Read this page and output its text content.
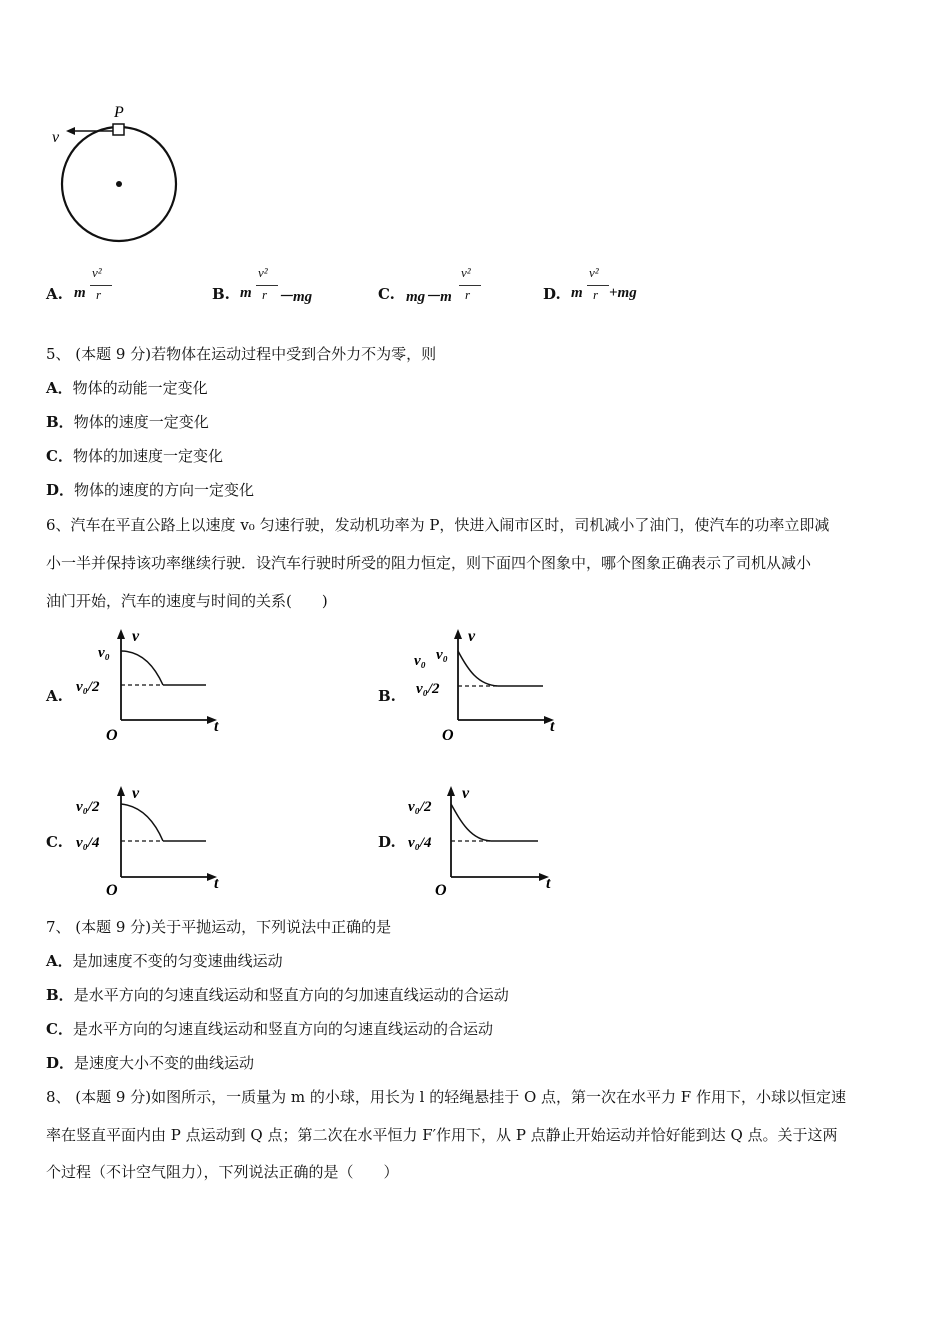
P
v
A. m
v²
r	B. m
v²
r －mg	C. mg－m
v²
r	D. m
v²
r +mg
5、 (本题 9 分)若物体在运动过程中受到合外力不为零，则
A．物体的动能一定变化
B．物体的速度一定变化
C．物体的加速度一定变化
D．物体的速度的方向一定变化
6、汽车在平直公路上以速度 v₀ 匀速行驶，发动机功率为 P，快进入闹市区时，司机减小了油门，使汽车的功率立即减
小一半并保持该功率继续行驶．设汽车行驶时所受的阻力恒定，则下面四个图象中，哪个图象正确表示了司机从减小
油门开始，汽车的速度与时间的关系(　　)
A.
v
t
O
v₀
v₀/2	B.
v
t
O
v₀ v₀
v₀/2
C.
v
t
O
v₀/2
v₀/4	D.
v
t
O
v₀/2
v₀/4
7、 (本题 9 分)关于平抛运动，下列说法中正确的是
A．是加速度不变的匀变速曲线运动
B．是水平方向的匀速直线运动和竖直方向的匀加速直线运动的合运动
C．是水平方向的匀速直线运动和竖直方向的匀速直线运动的合运动
D．是速度大小不变的曲线运动
8、 (本题 9 分)如图所示，一质量为 m 的小球，用长为 l 的轻绳悬挂于 O 点，第一次在水平力 F 作用下，小球以恒定速
率在竖直平面内由 P 点运动到 Q 点；第二次在水平恒力 F′作用下，从 P 点静止开始运动并恰好能到达 Q 点。关于这两
个过程（不计空气阻力），下列说法正确的是（　　）
